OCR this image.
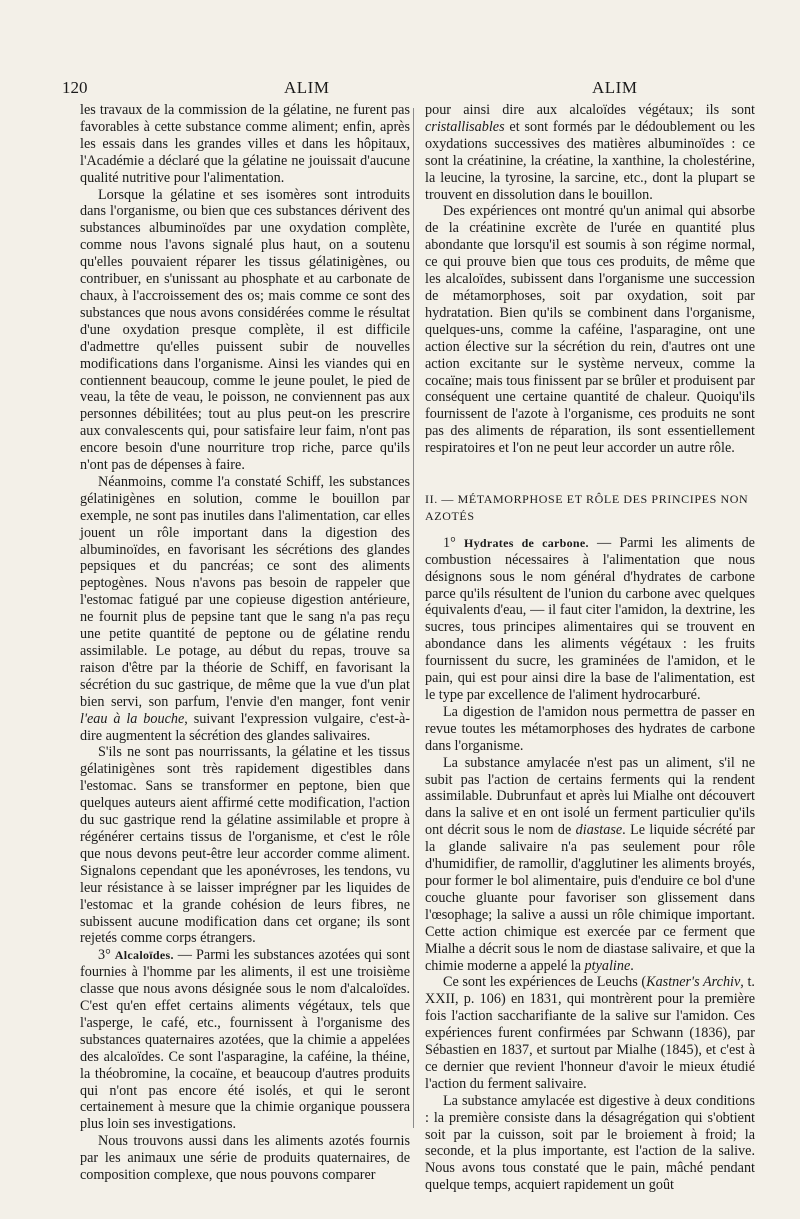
120	ALIM	ALIM

les travaux de la commission de la gélatine, ne furent pas favorables à cette substance comme aliment; enfin, après les essais dans les grandes villes et dans les hôpitaux, l'Académie a déclaré que la gélatine ne jouissait d'aucune qualité nutritive pour l'alimentation.

Lorsque la gélatine et ses isomères sont introduits dans l'organisme, ou bien que ces substances dérivent des substances albuminoïdes par une oxydation complète, comme nous l'avons signalé plus haut, on a soutenu qu'elles pouvaient réparer les tissus gélatinigènes, ou contribuer, en s'unissant au phosphate et au carbonate de chaux, à l'accroissement des os; mais comme ce sont des substances que nous avons considérées comme le résultat d'une oxydation presque complète, il est difficile d'admettre qu'elles puissent subir de nouvelles modifications dans l'organisme. Ainsi les viandes qui en contiennent beaucoup, comme le jeune poulet, le pied de veau, la tête de veau, le poisson, ne conviennent pas aux personnes débilitées; tout au plus peut-on les prescrire aux convalescents qui, pour satisfaire leur faim, n'ont pas encore besoin d'une nourriture trop riche, parce qu'ils n'ont pas de dépenses à faire.

Néanmoins, comme l'a constaté Schiff, les substances gélatinigènes en solution, comme le bouillon par exemple, ne sont pas inutiles dans l'alimentation, car elles jouent un rôle important dans la digestion des albuminoïdes, en favorisant les sécrétions des glandes pepsiques et du pancréas; ce sont des aliments peptogènes. Nous n'avons pas besoin de rappeler que l'estomac fatigué par une copieuse digestion antérieure, ne fournit plus de pepsine tant que le sang n'a pas reçu une petite quantité de peptone ou de gélatine rendu assimilable. Le potage, au début du repas, trouve sa raison d'être par la théorie de Schiff, en favorisant la sécrétion du suc gastrique, de même que la vue d'un plat bien servi, son parfum, l'envie d'en manger, font venir l'eau à la bouche, suivant l'expression vulgaire, c'est-à-dire augmentent la sécrétion des glandes salivaires.

S'ils ne sont pas nourrissants, la gélatine et les tissus gélatinigènes sont très rapidement digestibles dans l'estomac. Sans se transformer en peptone, bien que quelques auteurs aient affirmé cette modification, l'action du suc gastrique rend la gélatine assimilable et propre à régénérer certains tissus de l'organisme, et c'est le rôle que nous devons peut-être leur accorder comme aliment. Signalons cependant que les aponévroses, les tendons, vu leur résistance à se laisser imprégner par les liquides de l'estomac et la grande cohésion de leurs fibres, ne subissent aucune modification dans cet organe; ils sont rejetés comme corps étrangers.

3° Alcaloïdes. — Parmi les substances azotées qui sont fournies à l'homme par les aliments, il est une troisième classe que nous avons désignée sous le nom d'alcaloïdes. C'est qu'en effet certains aliments végétaux, tels que l'asperge, le café, etc., fournissent à l'organisme des substances quaternaires azotées, que la chimie a appelées des alcaloïdes. Ce sont l'asparagine, la caféine, la théine, la théobromine, la cocaïne, et beaucoup d'autres produits qui n'ont pas encore été isolés, et qui le seront certainement à mesure que la chimie organique poussera plus loin ses investigations.

Nous trouvons aussi dans les aliments azotés fournis par les animaux une série de produits quaternaires, de composition complexe, que nous pouvons comparer

pour ainsi dire aux alcaloïdes végétaux; ils sont cristallisables et sont formés par le dédoublement ou les oxydations successives des matières albuminoïdes : ce sont la créatinine, la créatine, la xanthine, la cholestérine, la leucine, la tyrosine, la sarcine, etc., dont la plupart se trouvent en dissolution dans le bouillon.

Des expériences ont montré qu'un animal qui absorbe de la créatinine excrète de l'urée en quantité plus abondante que lorsqu'il est soumis à son régime normal, ce qui prouve bien que tous ces produits, de même que les alcaloïdes, subissent dans l'organisme une succession de métamorphoses, soit par oxydation, soit par hydratation. Bien qu'ils se combinent dans l'organisme, quelques-uns, comme la caféine, l'asparagine, ont une action élective sur la sécrétion du rein, d'autres ont une action excitante sur le système nerveux, comme la cocaïne; mais tous finissent par se brûler et produisent par conséquent une certaine quantité de chaleur. Quoiqu'ils fournissent de l'azote à l'organisme, ces produits ne sont pas des aliments de réparation, ils sont essentiellement respiratoires et l'on ne peut leur accorder un autre rôle.

II. — MÉTAMORPHOSE ET RÔLE DES PRINCIPES NON AZOTÉS

1° Hydrates de carbone. — Parmi les aliments de combustion nécessaires à l'alimentation que nous désignons sous le nom général d'hydrates de carbone parce qu'ils résultent de l'union du carbone avec quelques équivalents d'eau, — il faut citer l'amidon, la dextrine, les sucres, tous principes alimentaires qui se trouvent en abondance dans les aliments végétaux : les fruits fournissent du sucre, les graminées de l'amidon, et le pain, qui est pour ainsi dire la base de l'alimentation, est le type par excellence de l'aliment hydrocarburé.

La digestion de l'amidon nous permettra de passer en revue toutes les métamorphoses des hydrates de carbone dans l'organisme.

La substance amylacée n'est pas un aliment, s'il ne subit pas l'action de certains ferments qui la rendent assimilable. Dubrunfaut et après lui Mialhe ont découvert dans la salive et en ont isolé un ferment particulier qu'ils ont décrit sous le nom de diastase. Le liquide sécrété par la glande salivaire n'a pas seulement pour rôle d'humidifier, de ramollir, d'agglutiner les aliments broyés, pour former le bol alimentaire, puis d'enduire ce bol d'une couche gluante pour favoriser son glissement dans l'œsophage; la salive a aussi un rôle chimique important. Cette action chimique est exercée par ce ferment que Mialhe a décrit sous le nom de diastase salivaire, et que la chimie moderne a appelé la ptyaline.

Ce sont les expériences de Leuchs (Kastner's Archiv, t. XXII, p. 106) en 1831, qui montrèrent pour la première fois l'action saccharifiante de la salive sur l'amidon. Ces expériences furent confirmées par Schwann (1836), par Sébastien en 1837, et surtout par Mialhe (1845), et c'est à ce dernier que revient l'honneur d'avoir le mieux étudié l'action du ferment salivaire.

La substance amylacée est digestive à deux conditions : la première consiste dans la désagrégation qui s'obtient soit par la cuisson, soit par le broiement à froid; la seconde, et la plus importante, est l'action de la salive. Nous avons tous constaté que le pain, mâché pendant quelque temps, acquiert rapidement un goût
